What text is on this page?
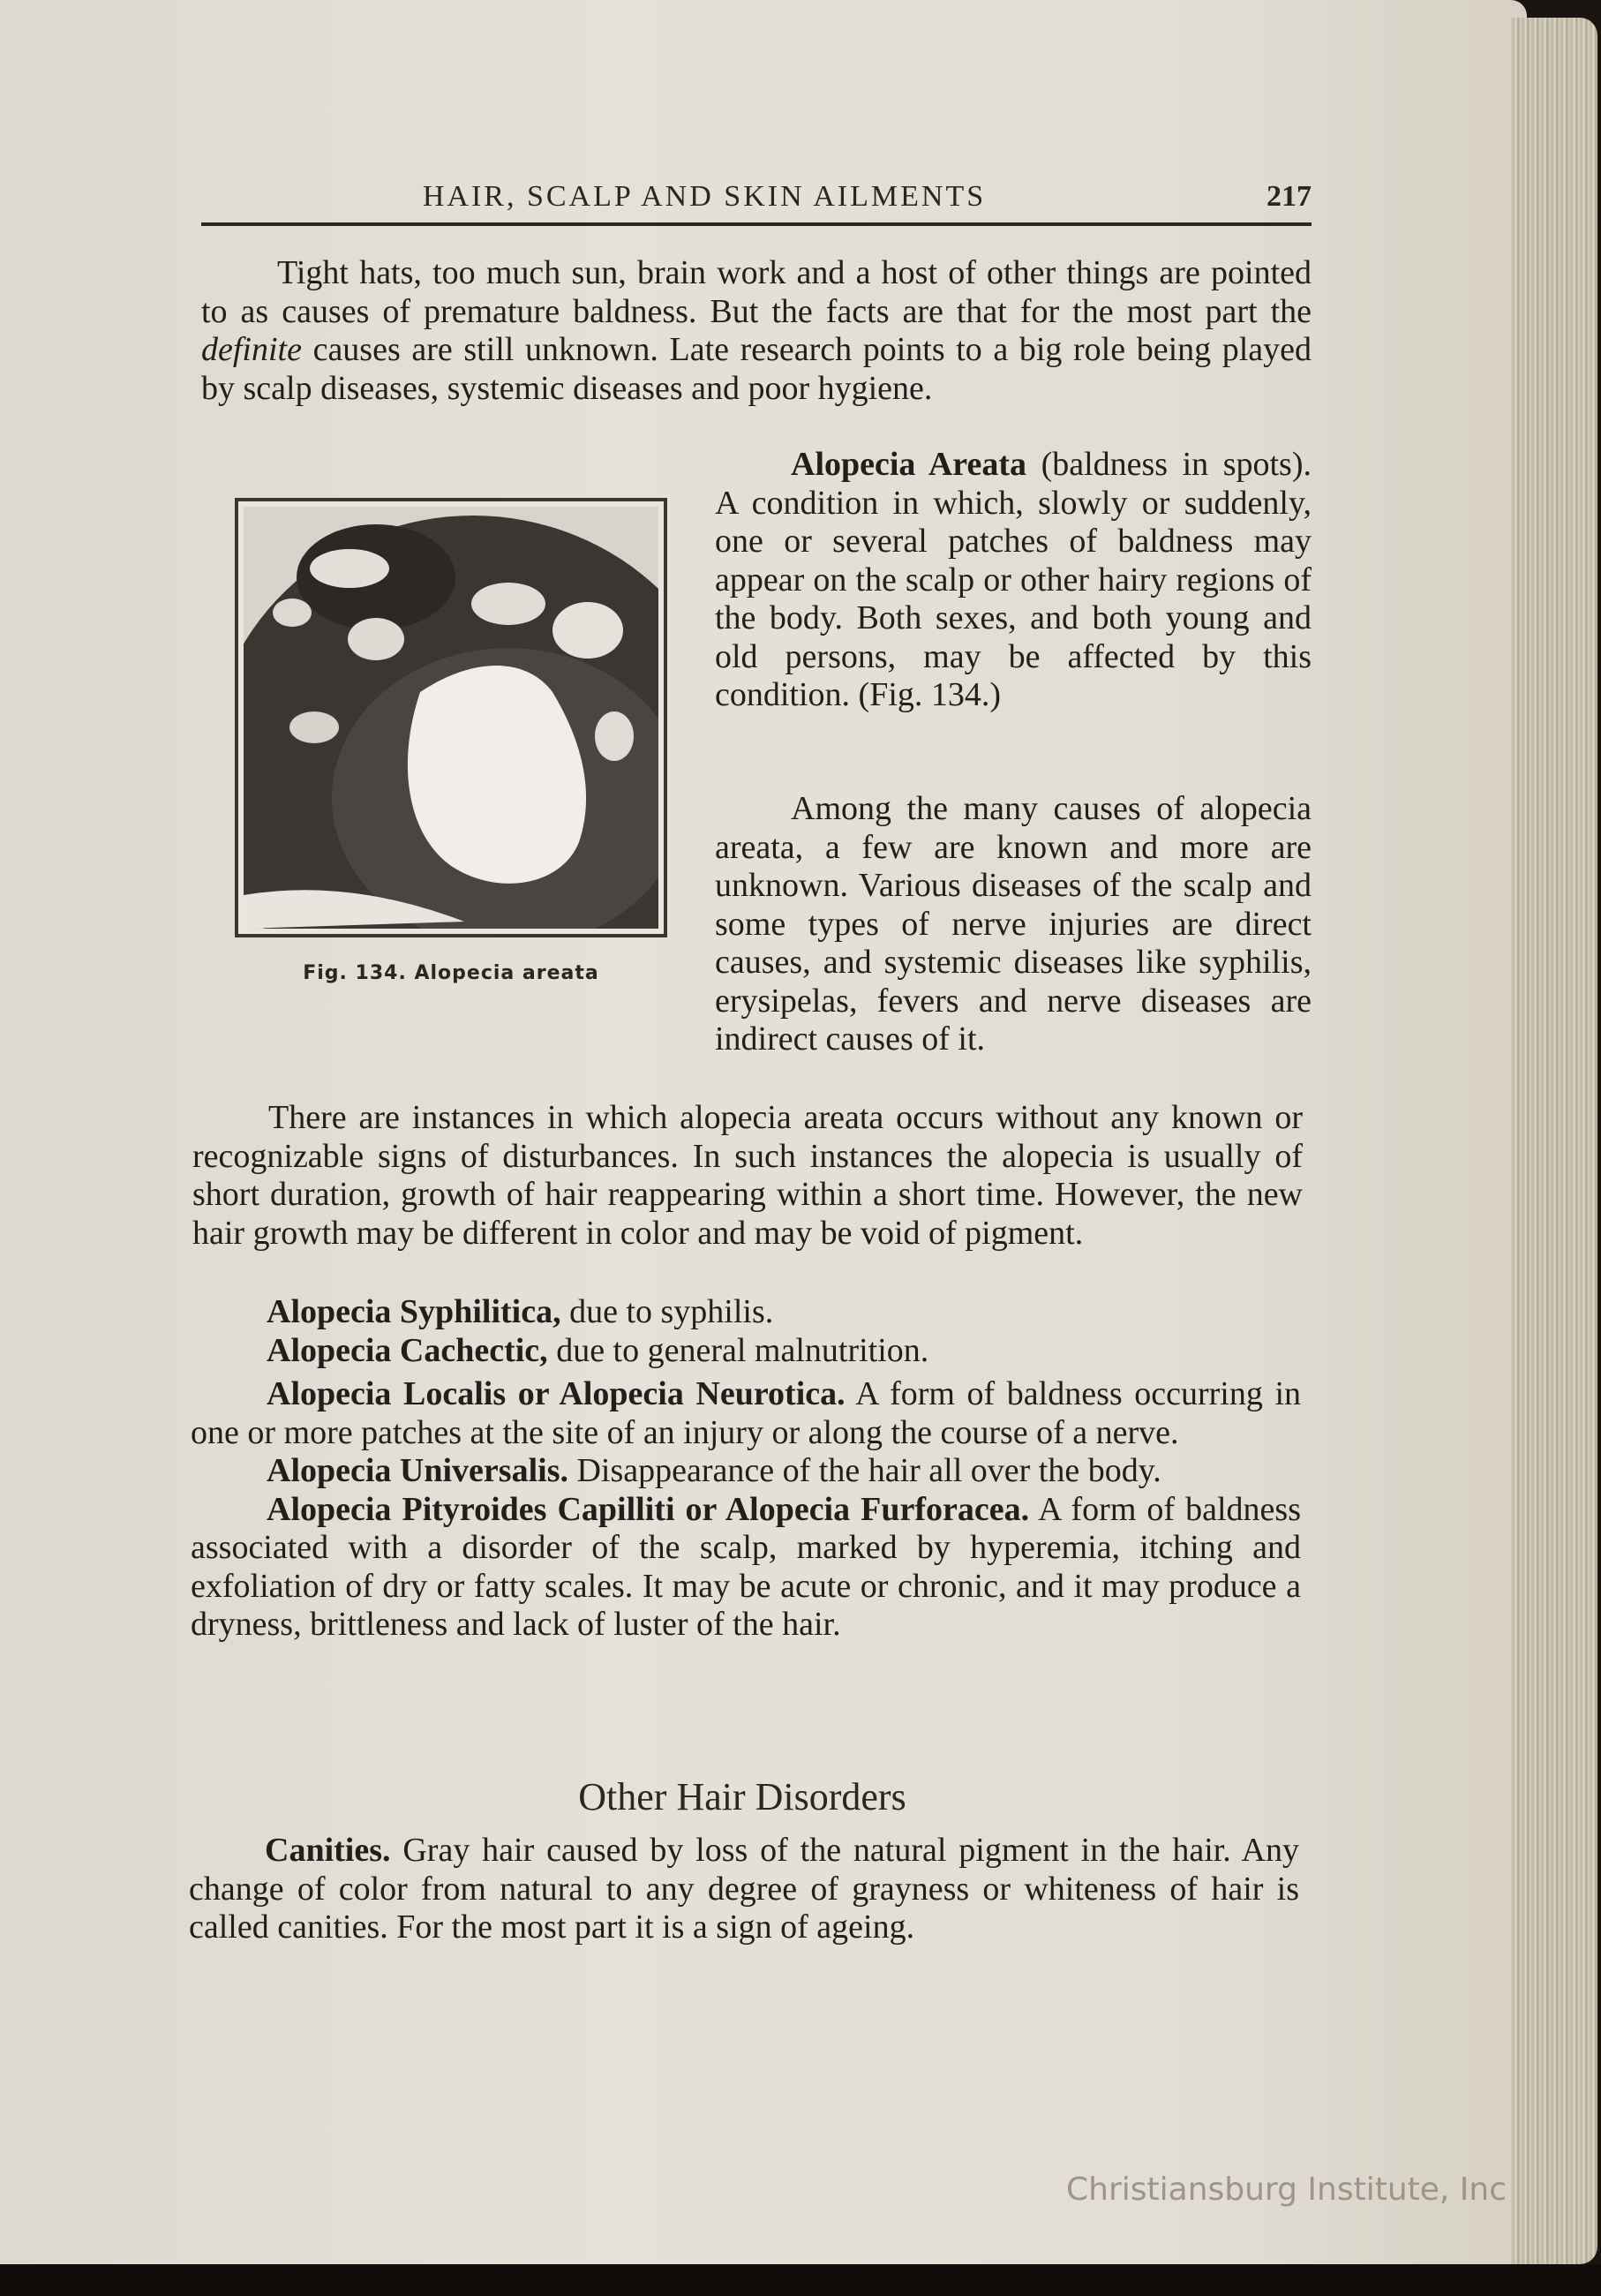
HAIR, SCALP AND SKIN AILMENTS	217

Tight hats, too much sun, brain work and a host of other things are pointed to as causes of premature baldness. But the facts are that for the most part the definite causes are still unknown. Late research points to a big role being played by scalp diseases, systemic diseases and poor hygiene.

Fig. 134. Alopecia areata

Alopecia Areata (baldness in spots). A condition in which, slowly or suddenly, one or several patches of baldness may appear on the scalp or other hairy regions of the body. Both sexes, and both young and old persons, may be affected by this condition. (Fig. 134.)

Among the many causes of alopecia areata, a few are known and more are unknown. Various diseases of the scalp and some types of nerve injuries are direct causes, and systemic diseases like syphilis, erysipelas, fevers and nerve diseases are indirect causes of it.

There are instances in which alopecia areata occurs without any known or recognizable signs of disturbances. In such instances the alopecia is usually of short duration, growth of hair reappearing within a short time. However, the new hair growth may be different in color and may be void of pigment.

Alopecia Syphilitica, due to syphilis.

Alopecia Cachectic, due to general malnutrition.

Alopecia Localis or Alopecia Neurotica. A form of baldness occurring in one or more patches at the site of an injury or along the course of a nerve.

Alopecia Universalis. Disappearance of the hair all over the body.

Alopecia Pityroides Capilliti or Alopecia Furforacea. A form of baldness associated with a disorder of the scalp, marked by hyperemia, itching and exfoliation of dry or fatty scales. It may be acute or chronic, and it may produce a dryness, brittleness and lack of luster of the hair.

Other Hair Disorders

Canities. Gray hair caused by loss of the natural pigment in the hair. Any change of color from natural to any degree of grayness or whiteness of hair is called canities. For the most part it is a sign of ageing.

Christiansburg Institute, Inc
